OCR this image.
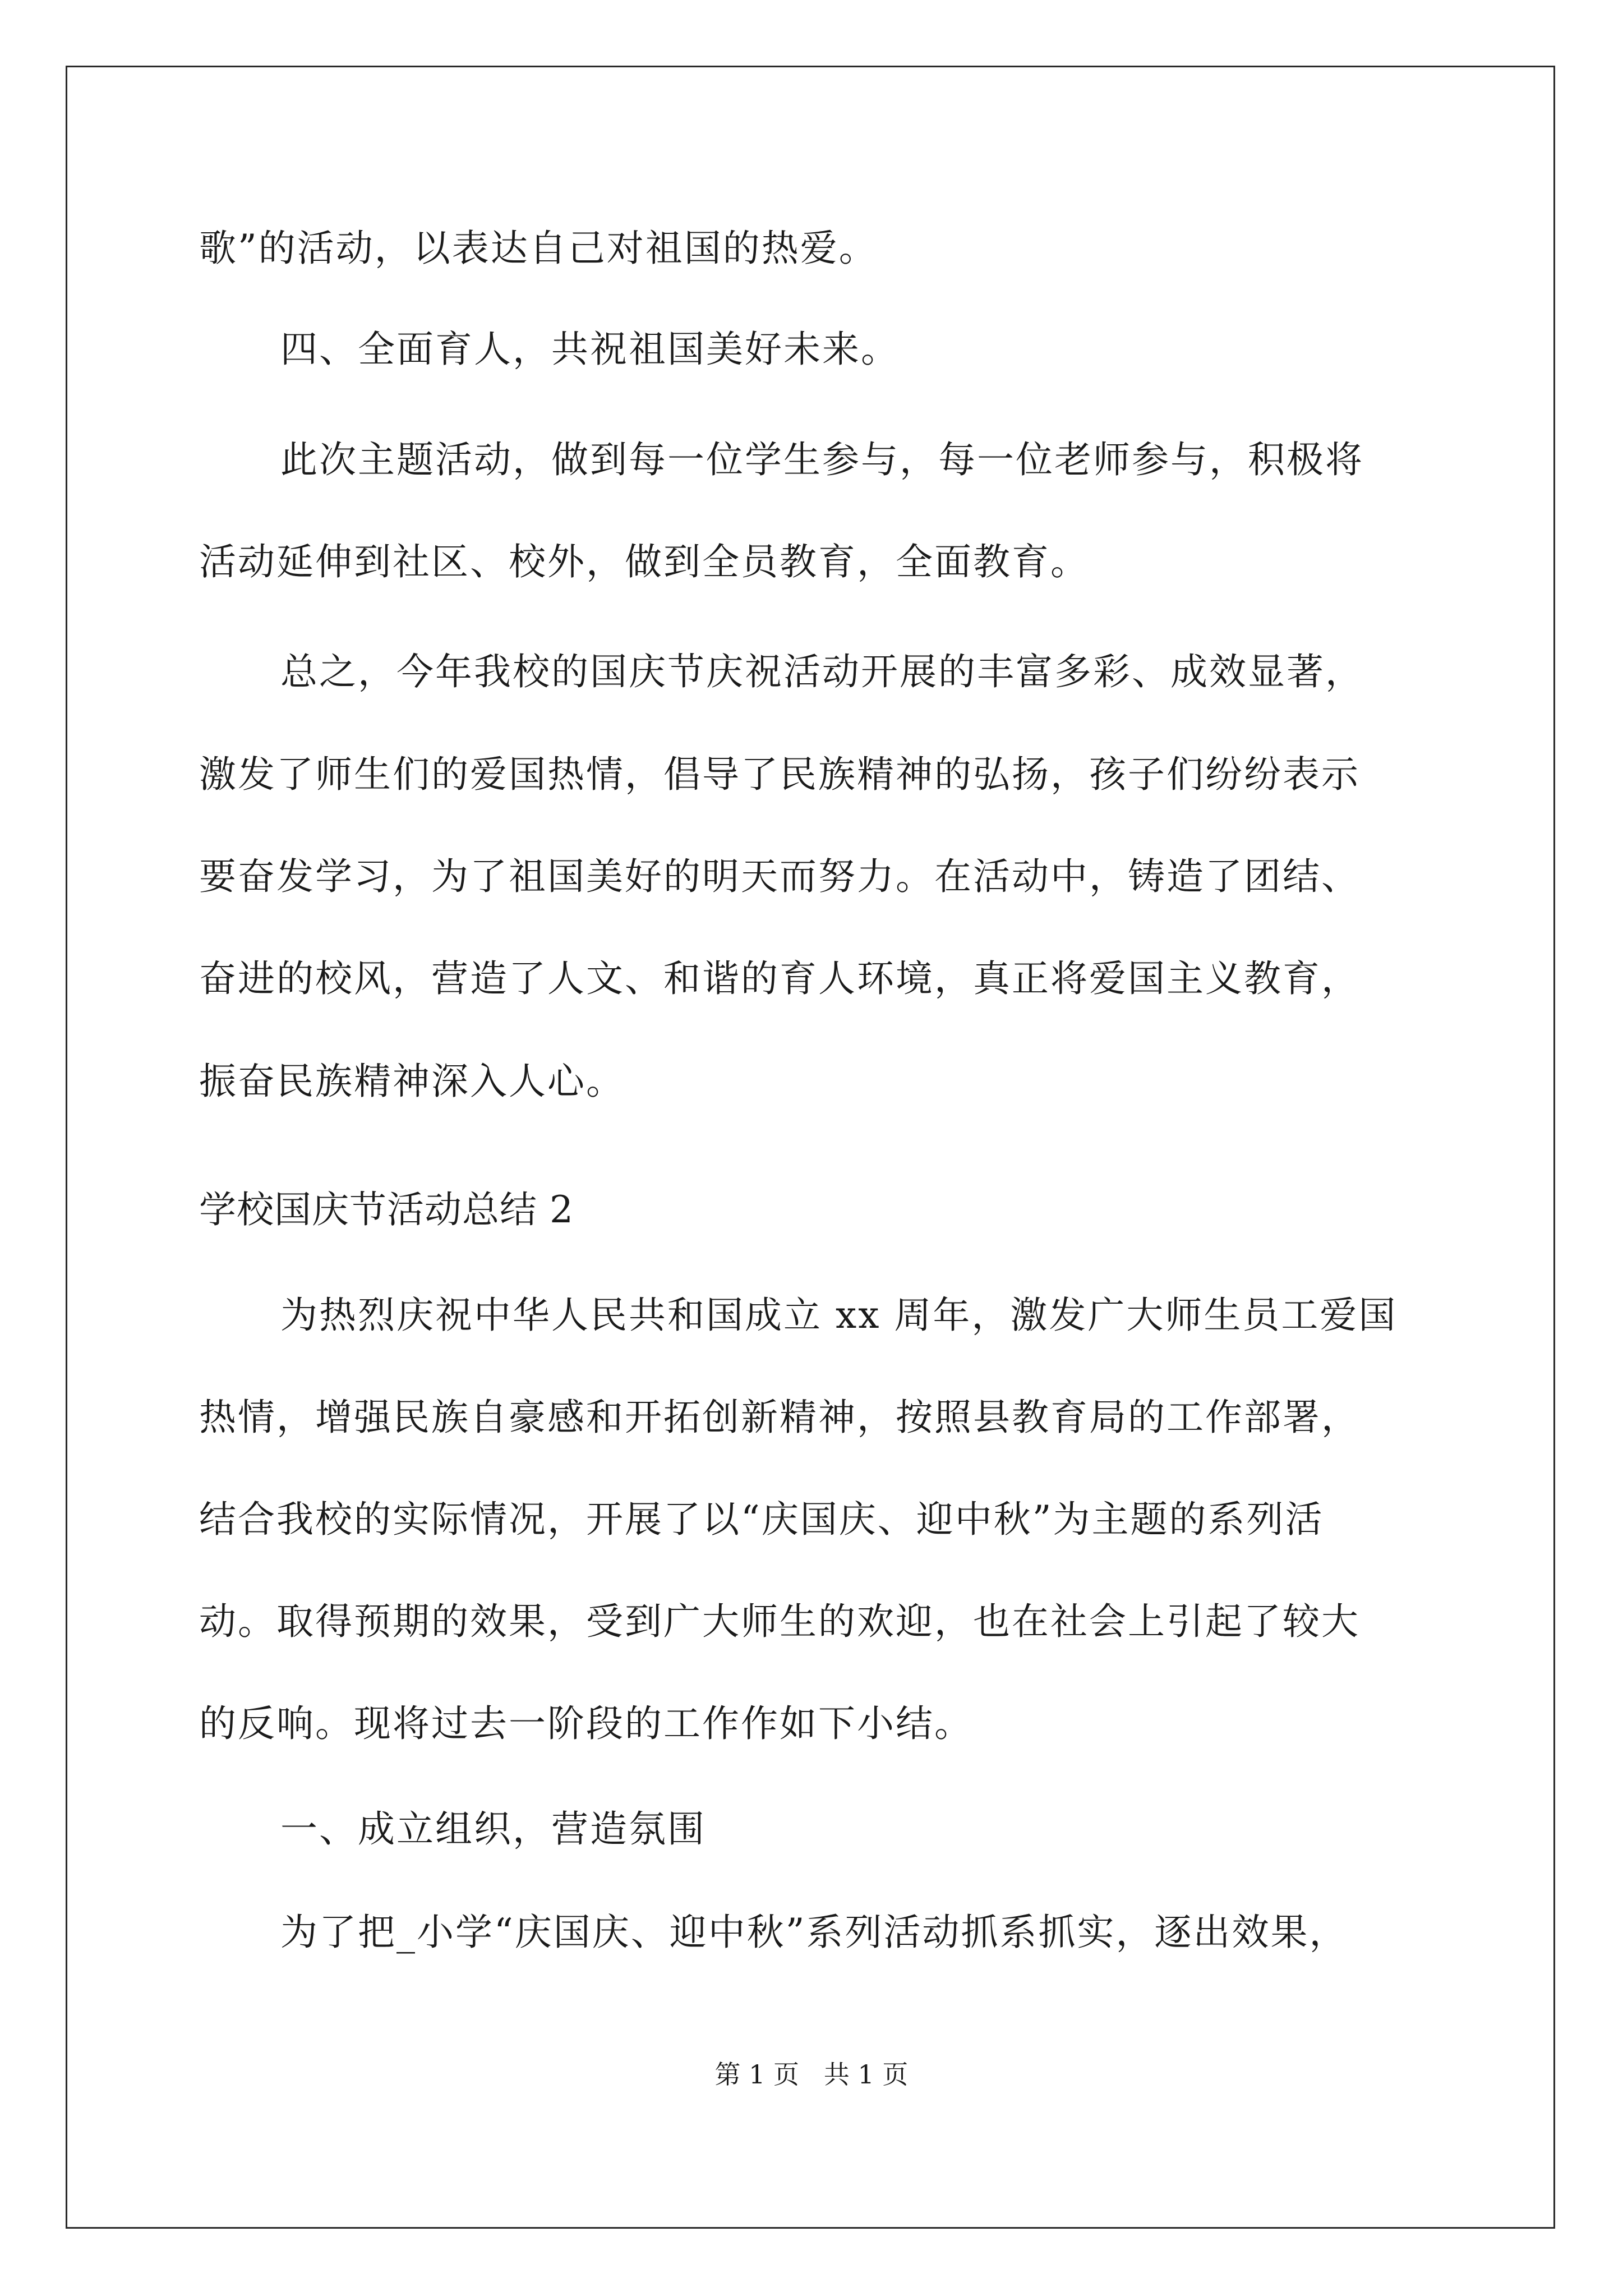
歌”的活动，以表达自己对祖国的热爱。
四、全面育人，共祝祖国美好未来。
此次主题活动，做到每一位学生参与，每一位老师参与，积极将
活动延伸到社区、校外，做到全员教育，全面教育。
总之，今年我校的国庆节庆祝活动开展的丰富多彩、成效显著，
激发了师生们的爱国热情，倡导了民族精神的弘扬，孩子们纷纷表示
要奋发学习，为了祖国美好的明天而努力。在活动中，铸造了团结、
奋进的校风，营造了人文、和谐的育人环境，真正将爱国主义教育，
振奋民族精神深入人心。
学校国庆节活动总结 2
为热烈庆祝中华人民共和国成立 xx 周年，激发广大师生员工爱国
热情，增强民族自豪感和开拓创新精神，按照县教育局的工作部署，
结合我校的实际情况，开展了以“庆国庆、迎中秋”为主题的系列活
动。取得预期的效果，受到广大师生的欢迎，也在社会上引起了较大
的反响。现将过去一阶段的工作作如下小结。
一、成立组织，营造氛围
为了把_小学“庆国庆、迎中秋”系列活动抓系抓实，逐出效果，
第 1 页   共 1 页
